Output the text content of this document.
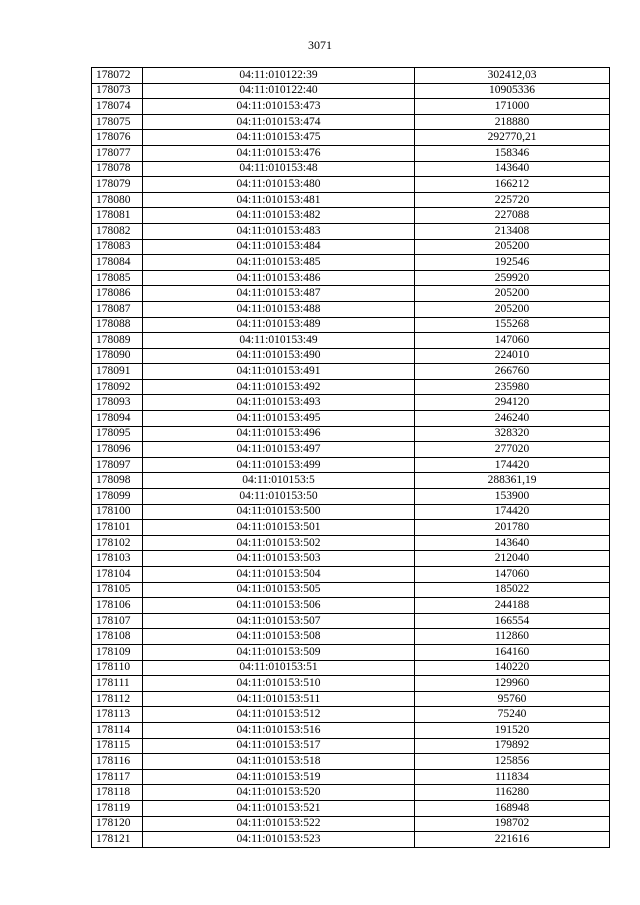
3071
178072	04:11:010122:39	302412,03
178073	04:11:010122:40	10905336
178074	04:11:010153:473	171000
178075	04:11:010153:474	218880
178076	04:11:010153:475	292770,21
178077	04:11:010153:476	158346
178078	04:11:010153:48	143640
178079	04:11:010153:480	166212
178080	04:11:010153:481	225720
178081	04:11:010153:482	227088
178082	04:11:010153:483	213408
178083	04:11:010153:484	205200
178084	04:11:010153:485	192546
178085	04:11:010153:486	259920
178086	04:11:010153:487	205200
178087	04:11:010153:488	205200
178088	04:11:010153:489	155268
178089	04:11:010153:49	147060
178090	04:11:010153:490	224010
178091	04:11:010153:491	266760
178092	04:11:010153:492	235980
178093	04:11:010153:493	294120
178094	04:11:010153:495	246240
178095	04:11:010153:496	328320
178096	04:11:010153:497	277020
178097	04:11:010153:499	174420
178098	04:11:010153:5	288361,19
178099	04:11:010153:50	153900
178100	04:11:010153:500	174420
178101	04:11:010153:501	201780
178102	04:11:010153:502	143640
178103	04:11:010153:503	212040
178104	04:11:010153:504	147060
178105	04:11:010153:505	185022
178106	04:11:010153:506	244188
178107	04:11:010153:507	166554
178108	04:11:010153:508	112860
178109	04:11:010153:509	164160
178110	04:11:010153:51	140220
178111	04:11:010153:510	129960
178112	04:11:010153:511	95760
178113	04:11:010153:512	75240
178114	04:11:010153:516	191520
178115	04:11:010153:517	179892
178116	04:11:010153:518	125856
178117	04:11:010153:519	111834
178118	04:11:010153:520	116280
178119	04:11:010153:521	168948
178120	04:11:010153:522	198702
178121	04:11:010153:523	221616
